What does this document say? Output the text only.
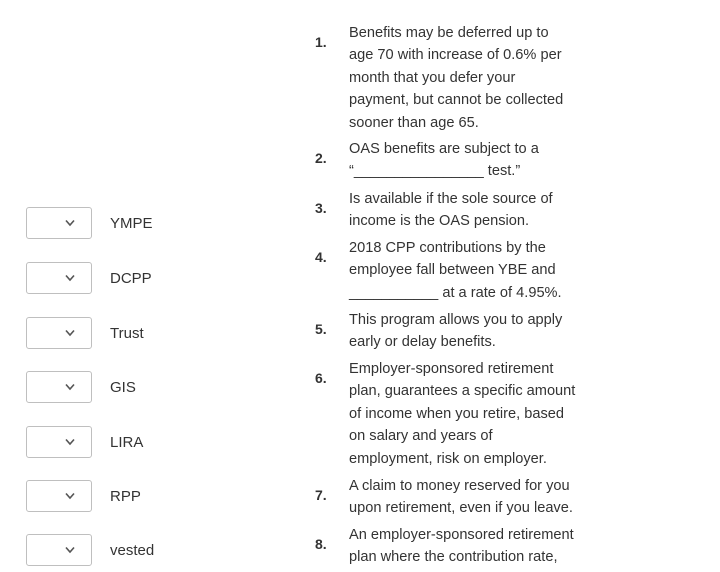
YMPE
DCPP
Trust
GIS
LIRA
RPP
vested
1.
Benefits may be deferred up to
age 70 with increase of 0.6% per
month that you defer your
payment, but cannot be collected
sooner than age 65.
2.
OAS benefits are subject to a
“________________ test.”
3.
Is available if the sole source of
income is the OAS pension.
4.
2018 CPP contributions by the
employee fall between YBE and
___________ at a rate of 4.95%.
5.
This program allows you to apply
early or delay benefits.
6.
Employer-sponsored retirement
plan, guarantees a specific amount
of income when you retire, based
on salary and years of
employment, risk on employer.
7.
A claim to money reserved for you
upon retirement, even if you leave.
8.
An employer-sponsored retirement
plan where the contribution rate,
